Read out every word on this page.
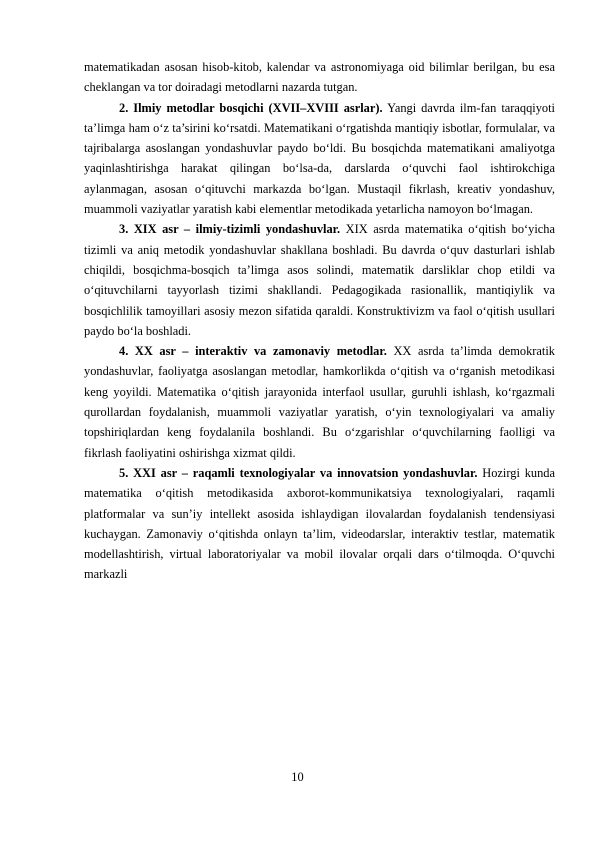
matematikadan asosan hisob-kitob, kalendar va astronomiyaga oid bilimlar berilgan, bu esa cheklangan va tor doiradagi metodlarni nazarda tutgan.

2. Ilmiy metodlar bosqichi (XVII–XVIII asrlar). Yangi davrda ilm-fan taraqqiyoti ta’limga ham o‘z ta’sirini ko‘rsatdi. Matematikani o‘rgatishda mantiqiy isbotlar, formulalar, va tajribalarga asoslangan yondashuvlar paydo bo‘ldi. Bu bosqichda matematikani amaliyotga yaqinlashtirishga harakat qilingan bo‘lsa-da, darslarda o‘quvchi faol ishtirokchiga aylanmagan, asosan o‘qituvchi markazda bo‘lgan. Mustaqil fikrlash, kreativ yondashuv, muammoli vaziyatlar yaratish kabi elementlar metodikada yetarlicha namoyon bo‘lmagan.

3. XIX asr – ilmiy-tizimli yondashuvlar. XIX asrda matematika o‘qitish bo‘yicha tizimli va aniq metodik yondashuvlar shakllana boshladi. Bu davrda o‘quv dasturlari ishlab chiqildi, bosqichma-bosqich ta’limga asos solindi, matematik darsliklar chop etildi va o‘qituvchilarni tayyorlash tizimi shakllandi. Pedagogikada rasionallik, mantiqiylik va bosqichlilik tamoyillari asosiy mezon sifatida qaraldi. Konstruktivizm va faol o‘qitish usullari paydo bo‘la boshladi.

4. XX asr – interaktiv va zamonaviy metodlar. XX asrda ta’limda demokratik yondashuvlar, faoliyatga asoslangan metodlar, hamkorlikda o‘qitish va o‘rganish metodikasi keng yoyildi. Matematika o‘qitish jarayonida interfaol usullar, guruhli ishlash, ko‘rgazmali qurollardan foydalanish, muammoli vaziyatlar yaratish, o‘yin texnologiyalari va amaliy topshiriqlardan keng foydalanila boshlandi. Bu o‘zgarishlar o‘quvchilarning faolligi va fikrlash faoliyatini oshirishga xizmat qildi.

5. XXI asr – raqamli texnologiyalar va innovatsion yondashuvlar. Hozirgi kunda matematika o‘qitish metodikasida axborot-kommunikatsiya texnologiyalari, raqamli platformalar va sun’iy intellekt asosida ishlaydigan ilovalardan foydalanish tendensiyasi kuchaygan. Zamonaviy o‘qitishda onlayn ta’lim, videodarslar, interaktiv testlar, matematik modellashtirish, virtual laboratoriyalar va mobil ilovalar orqali dars o‘tilmoqda. O‘quvchi markazli

10
